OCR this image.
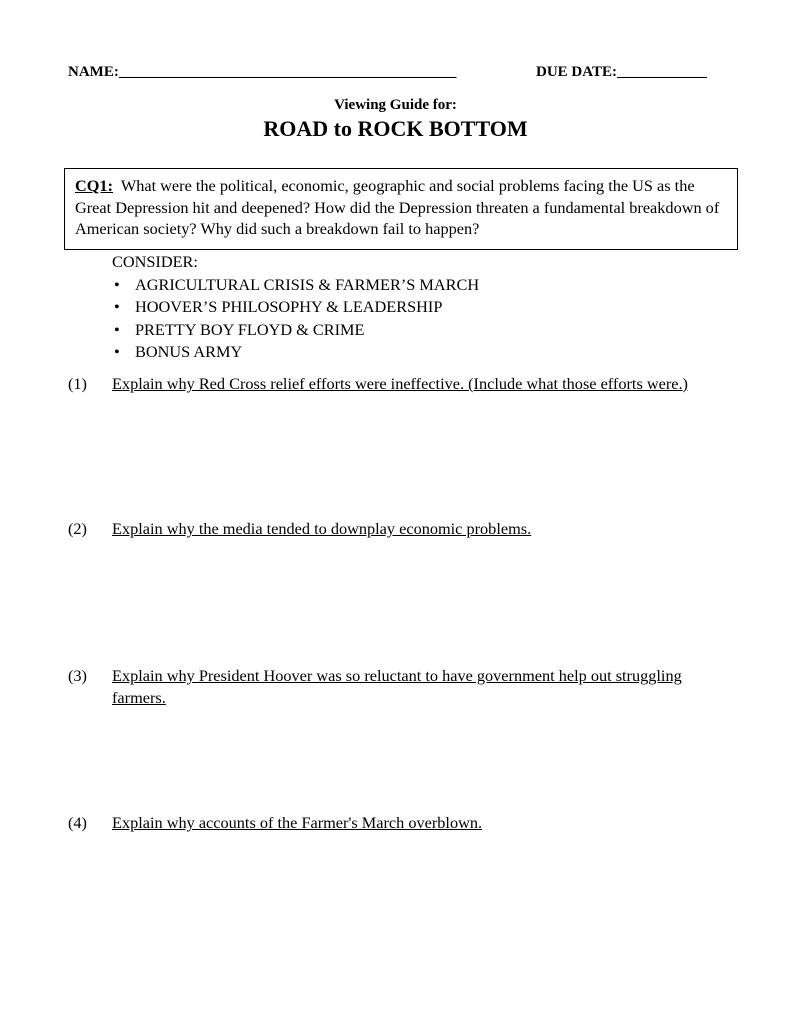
NAME:_____________________________________________	DUE DATE:____________
Viewing Guide for:
ROAD to ROCK BOTTOM
CQ1: What were the political, economic, geographic and social problems facing the US as the Great Depression hit and deepened? How did the Depression threaten a fundamental breakdown of American society? Why did such a breakdown fail to happen?
CONSIDER:
• AGRICULTURAL CRISIS & FARMER’S MARCH
• HOOVER’S PHILOSOPHY & LEADERSHIP
• PRETTY BOY FLOYD & CRIME
• BONUS ARMY
(1) Explain why Red Cross relief efforts were ineffective. (Include what those efforts were.)
(2) Explain why the media tended to downplay economic problems.
(3) Explain why President Hoover was so reluctant to have government help out struggling farmers.
(4) Explain why accounts of the Farmer's March overblown.
